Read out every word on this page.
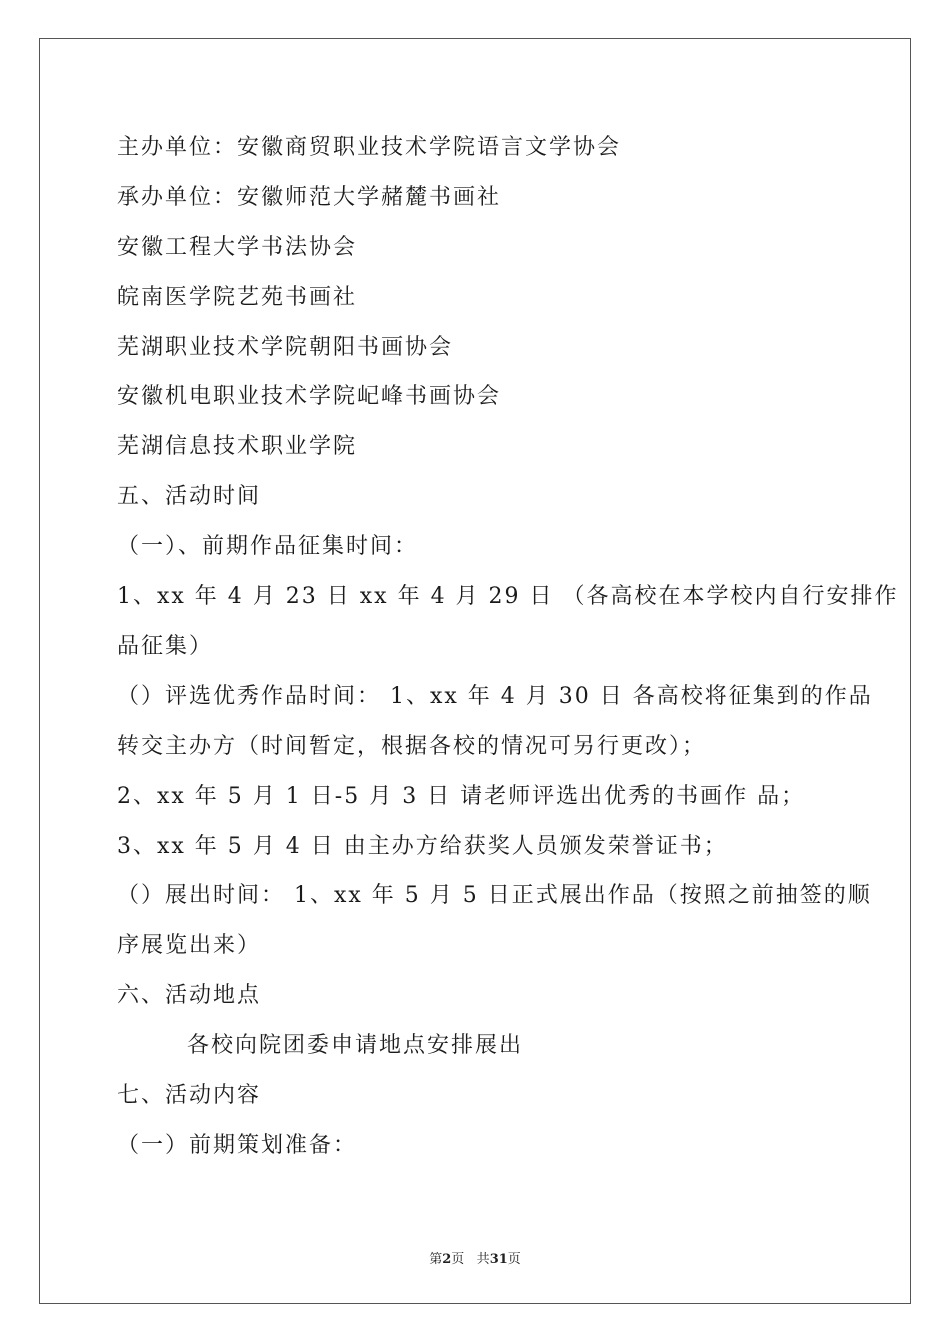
主办单位：安徽商贸职业技术学院语言文学协会

承办单位：安徽师范大学赭麓书画社

安徽工程大学书法协会

皖南医学院艺苑书画社

芜湖职业技术学院朝阳书画协会

安徽机电职业技术学院屺峰书画协会

芜湖信息技术职业学院

五、活动时间

（一）、前期作品征集时间：

1、xx 年 4 月 23 日 xx 年 4 月 29 日 （各高校在本学校内自行安排作

品征集）

（）评选优秀作品时间： 1、xx 年 4 月 30 日 各高校将征集到的作品

转交主办方（时间暂定，根据各校的情况可另行更改）；

2、xx 年 5 月 1 日-5 月 3 日 请老师评选出优秀的书画作 品；

3、xx 年 5 月 4 日 由主办方给获奖人员颁发荣誉证书；

（）展出时间： 1、xx 年 5 月 5 日正式展出作品（按照之前抽签的顺

序展览出来）

六、活动地点

各校向院团委申请地点安排展出

七、活动内容

（一）前期策划准备：

第2页 共31页
